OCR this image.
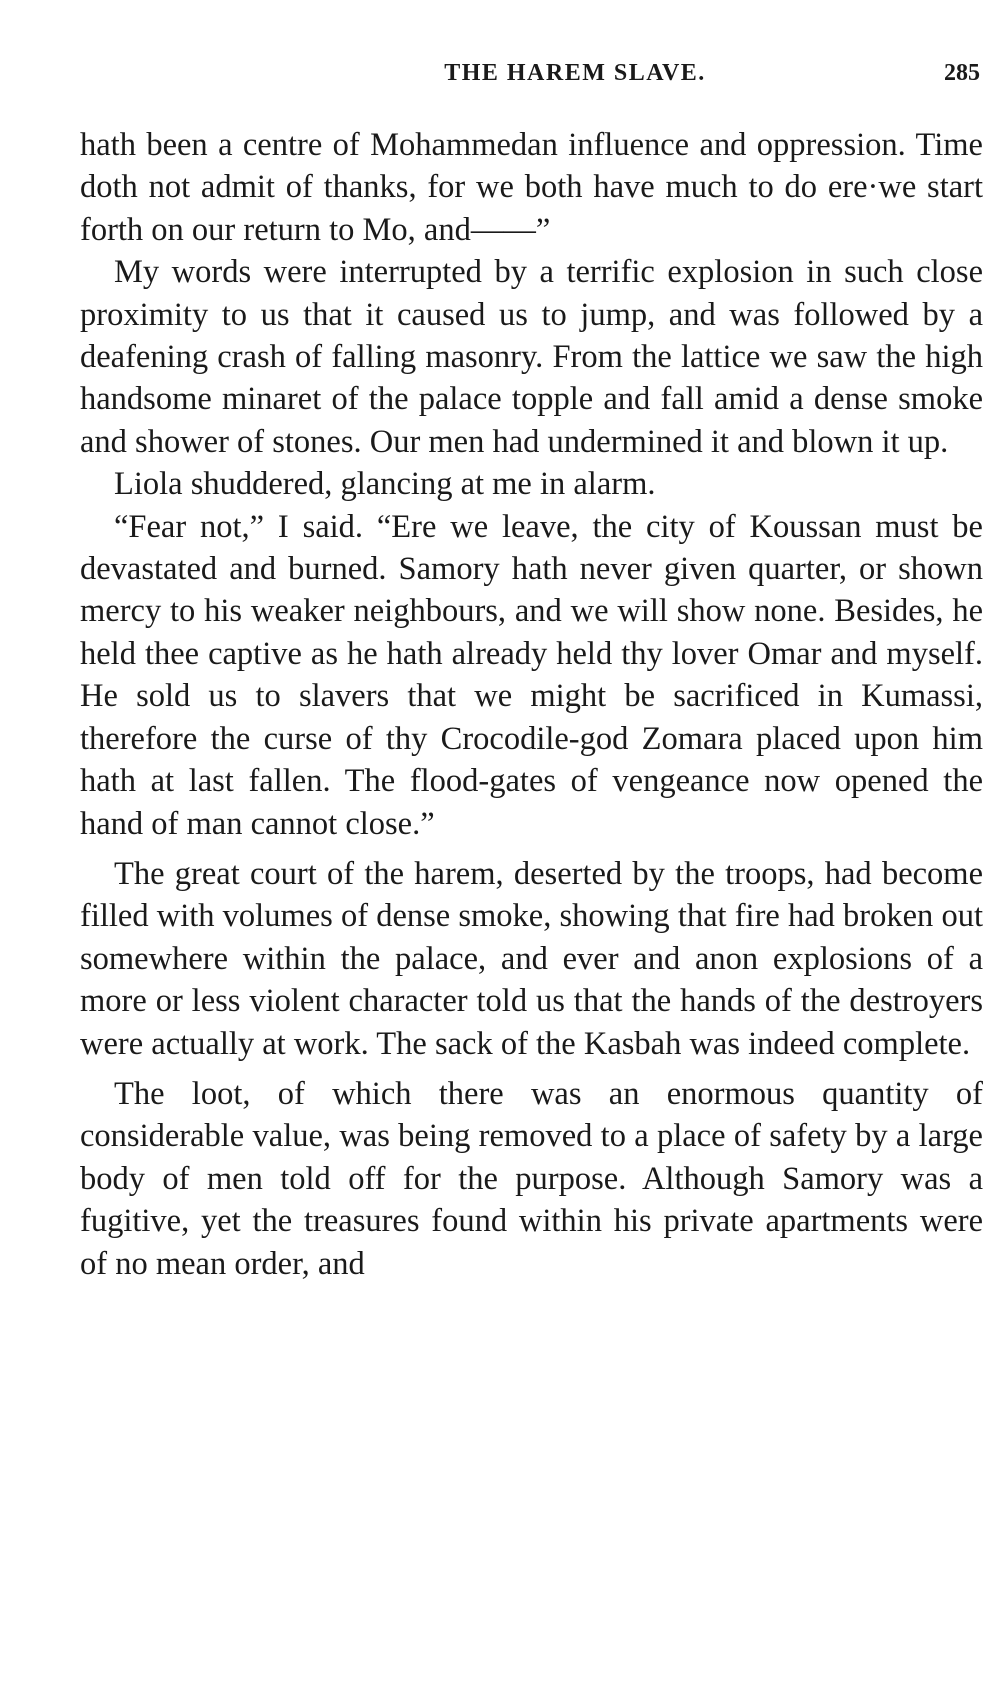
THE HAREM SLAVE.	285

hath been a centre of Mohammedan influence and oppression. Time doth not admit of thanks, for we both have much to do ere·we start forth on our return to Mo, and——”

My words were interrupted by a terrific explosion in such close proximity to us that it caused us to jump, and was followed by a deafening crash of falling masonry. From the lattice we saw the high handsome minaret of the palace topple and fall amid a dense smoke and shower of stones. Our men had undermined it and blown it up.

Liola shuddered, glancing at me in alarm.

“Fear not,” I said. “Ere we leave, the city of Koussan must be devastated and burned. Samory hath never given quarter, or shown mercy to his weaker neighbours, and we will show none. Besides, he held thee captive as he hath already held thy lover Omar and myself. He sold us to slavers that we might be sacrificed in Kumassi, therefore the curse of thy Crocodile-god Zomara placed upon him hath at last fallen. The flood-gates of vengeance now opened the hand of man cannot close.”

The great court of the harem, deserted by the troops, had become filled with volumes of dense smoke, showing that fire had broken out somewhere within the palace, and ever and anon explosions of a more or less violent character told us that the hands of the destroyers were actually at work. The sack of the Kasbah was indeed complete.

The loot, of which there was an enormous quantity of considerable value, was being removed to a place of safety by a large body of men told off for the purpose. Although Samory was a fugitive, yet the treasures found within his private apartments were of no mean order, and
